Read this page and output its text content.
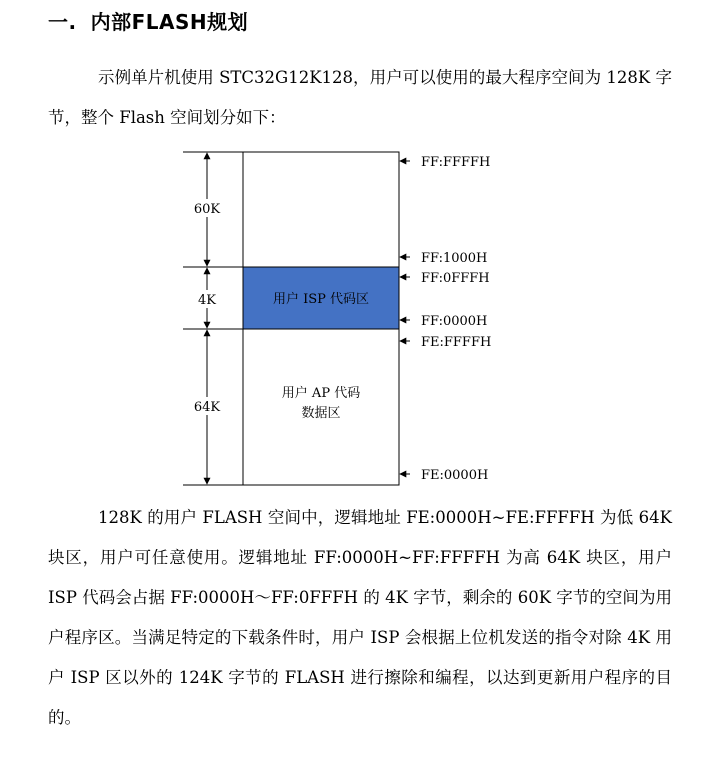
一. 内部FLASH规划
示例单片机使用 STC32G12K128，用户可以使用的最大程序空间为 128K 字节，整个 Flash 空间划分如下：
60K
4K
64K
用户 ISP 代码区
用户 AP 代码
数据区
FF:FFFFH
FF:1000H
FF:0FFFH
FF:0000H
FE:FFFFH
FE:0000H
128K 的用户 FLASH 空间中，逻辑地址 FE:0000H~FE:FFFFH 为低 64K 块区，用户可任意使用。逻辑地址 FF:0000H~FF:FFFFH 为高 64K 块区，用户 ISP 代码会占据 FF:0000H～FF:0FFFH 的 4K 字节，剩余的 60K 字节的空间为用户程序区。当满足特定的下载条件时，用户 ISP 会根据上位机发送的指令对除 4K 用户 ISP 区以外的 124K 字节的 FLASH 进行擦除和编程，以达到更新用户程序的目的。
